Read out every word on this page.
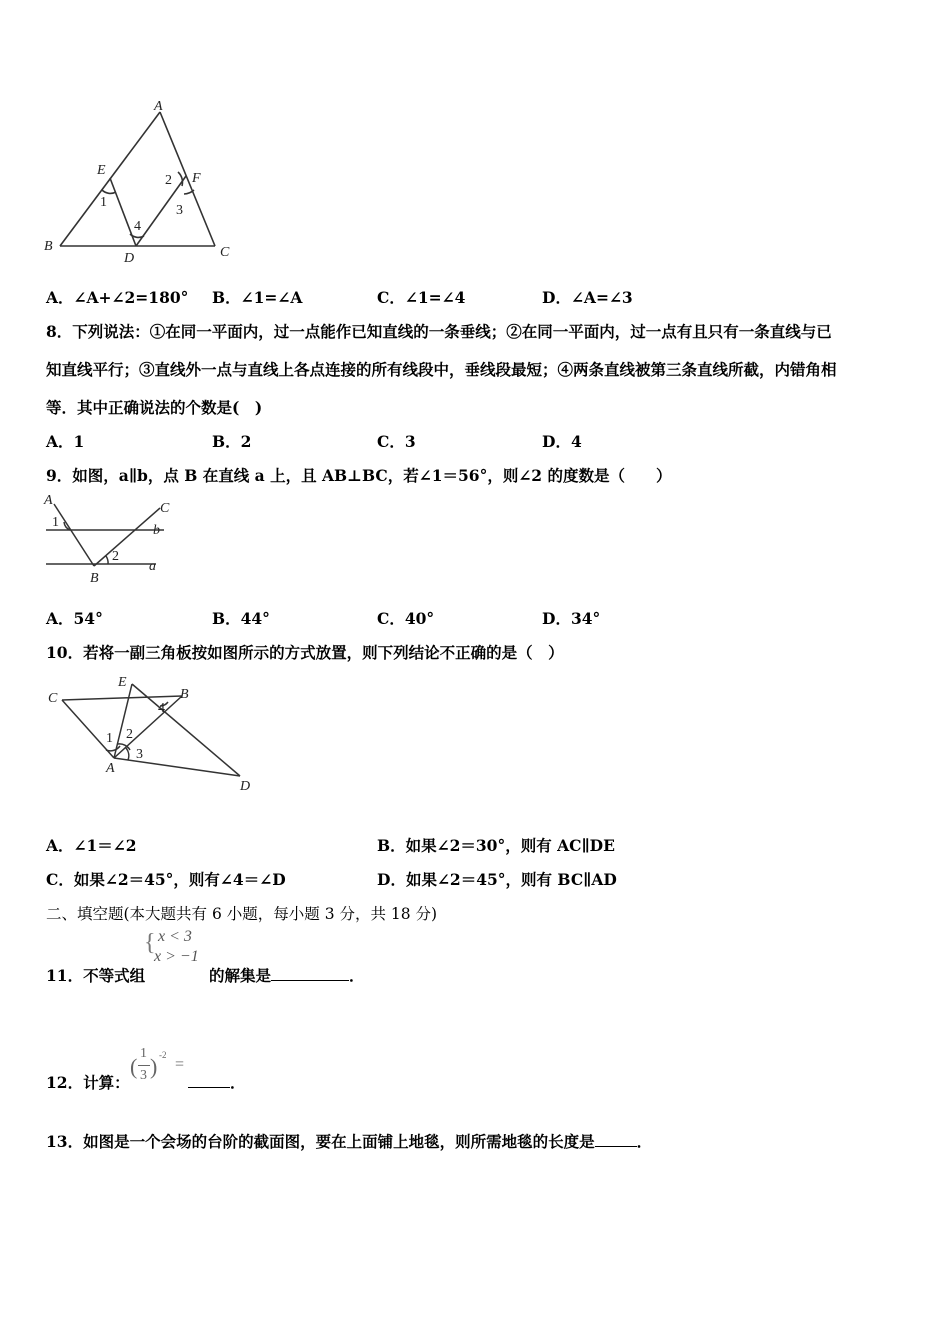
A
B	C
D
E
F
1
2
3
4
A．∠A+∠2=180° B．∠1=∠A	C．∠1=∠4	D．∠A=∠3
8．下列说法：①在同一平面内，过一点能作已知直线的一条垂线；②在同一平面内，过一点有且只有一条直线与已
知直线平行；③直线外一点与直线上各点连接的所有线段中，垂线段最短；④两条直线被第三条直线所截，内错角相
等．其中正确说法的个数是(　)
A．1	B．2	C．3	D．4
9．如图，a∥b，点 B 在直线 a 上，且 AB⊥BC，若∠1＝56°，则∠2 的度数是（　　）
A
C
b
a
B
1
2
A．54°	B．44°	C．40°	D．34°
10．若将一副三角板按如图所示的方式放置，则下列结论不正确的是（　）
C
E
B
A
D
1 2
3
4
A．∠1＝∠2	B．如果∠2＝30°，则有 AC∥DE
C．如果∠2＝45°，则有∠4＝∠D	D．如果∠2＝45°，则有 BC∥AD
二、填空题(本大题共有 6 小题，每小题 3 分，共 18 分)
{ x < 3
x > −1
11．不等式组	的解集是	．
12．计算：
(
1
3 ) -2
=
．
13．如图是一个会场的台阶的截面图，要在上面铺上地毯，则所需地毯的长度是	．
